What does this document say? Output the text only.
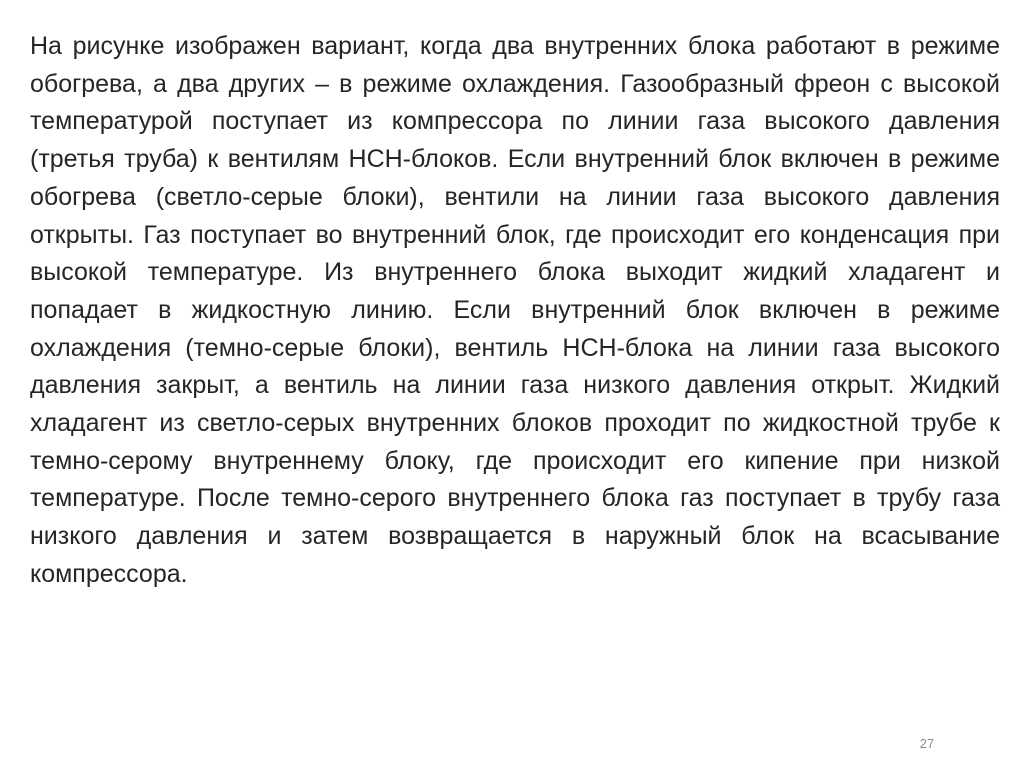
На рисунке изображен вариант, когда два внутренних блока работают в режиме обогрева, а два других – в режиме охлаждения. Газообразный фреон с высокой температурой поступает из компрессора по линии газа высокого давления (третья труба) к вентилям HCH-блоков. Если внутренний блок включен в режиме обогрева (светло-серые блоки), вентили на линии газа высокого давления открыты. Газ поступает во внутренний блок, где происходит его конденсация при высокой температуре. Из внутреннего блока выходит жидкий хладагент и попадает в жидкостную линию. Если внутренний блок включен в режиме охлаждения (темно-серые блоки), вентиль HCH-блока на линии газа высокого давления закрыт, а вентиль на линии газа низкого давления открыт. Жидкий хладагент из светло-серых внутренних блоков проходит по жидкостной трубе к темно-серому внутреннему блоку, где происходит его кипение при низкой температуре. После темно-серого внутреннего блока газ поступает в трубу газа низкого давления и затем возвращается в наружный блок на всасывание компрессора.

27
